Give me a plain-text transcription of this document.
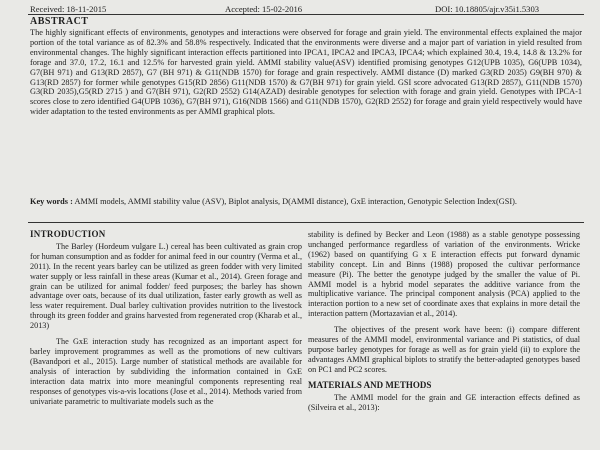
Received: 18-11-2015	Accepted: 15-02-2016	DOI: 10.18805/ajr.v35i1.5303
ABSTRACT
The highly significant effects of environments, genotypes and interactions were observed for forage and grain yield. The environmental effects explained the major portion of the total variance as of 82.3% and 58.8% respectively. Indicated that the environments were diverse and a major part of variation in yield resulted from environmental changes. The highly significant interaction effects partitioned into IPCA1, IPCA2 and IPCA3, IPCA4; which explained 30.4, 19.4, 14.8 & 13.2% for forage and 37.0, 17.2, 16.1 and 12.5% for harvested grain yield. AMMI stability value(ASV) identified promising genotypes G12(UPB 1035), G6(UPB 1034), G7(BH 971) and G13(RD 2857), G7 (BH 971) & G11(NDB 1570) for forage and grain respectively. AMMI distance (D) marked G3(RD 2035) G9(BH 970) & G13(RD 2857) for former while genotypes G15(RD 2856) G11(NDB 1570) & G7(BH 971) for grain yield. GSI score advocated G13(RD 2857), G11(NDB 1570) G3(RD 2035),G5(RD 2715 ) and G7(BH 971), G2(RD 2552) G14(AZAD) desirable genotypes for selection with forage and grain yield. Genotypes with IPCA-1 scores close to zero identified G4(UPB 1036), G7(BH 971), G16(NDB 1566) and G11(NDB 1570), G2(RD 2552) for forage and grain yield respectively would have wider adaptation to the tested environments as per AMMI graphical plots.
Key words : AMMI models, AMMI stability value (ASV), Biplot analysis, D(AMMI distance), GxE interaction, Genotypic Selection Index(GSI).
INTRODUCTION

The Barley (Hordeum vulgare L.) cereal has been cultivated as grain crop for human consumption and as fodder for animal feed in our country (Verma et al., 2011). In the recent years barley can be utilized as green fodder with very limited water supply or less rainfall in these areas (Kumar et al., 2014). Green forage and grain can be utilized for animal fodder/ feed purposes; the barley has shown advantage over oats, because of its dual utilization, faster early growth as well as less water requirement. Dual barley cultivation provides nutrition to the livestock through its green fodder and grains harvested from regenerated crop (Kharab et al., 2013)

The GxE interaction study has recognized as an important aspect for barley improvement programmes as well as the promotions of new cultivars (Bavandpori et al., 2015). Large number of statistical methods are available for analysis of interaction by subdividing the information contained in GxE interaction data matrix into more meaningful components representing real responses of genotypes vis-a-vis locations (Jose et al., 2014). Methods varied from univariate parametric to multivariate models such as the

stability is defined by Becker and Leon (1988) as a stable genotype possessing unchanged performance regardless of variation of the environments. Wricke (1962) based on quantifying G x E interaction effects put forward dynamic stability concept. Lin and Binns (1988) proposed the cultivar performance measure (Pi). The better the genotype judged by the smaller the value of Pi. AMMI model is a hybrid model separates the additive variance from the multiplicative variance. The principal component analysis (PCA) applied to the interaction portion to a new set of coordinate axes that explains in more detail the interaction pattern (Mortazavian et al., 2014).

The objectives of the present work have been: (i) compare different measures of the AMMI model, environmental variance and Pi statistics, of dual purpose barley genotypes for forage as well as for grain yield (ii) to explore the advantages AMMI graphical biplots to stratify the better-adapted genotypes based on PC1 and PC2 scores.

MATERIALS AND METHODS

The AMMI model for the grain and GE interaction effects defined as (Silveira et al., 2013):
